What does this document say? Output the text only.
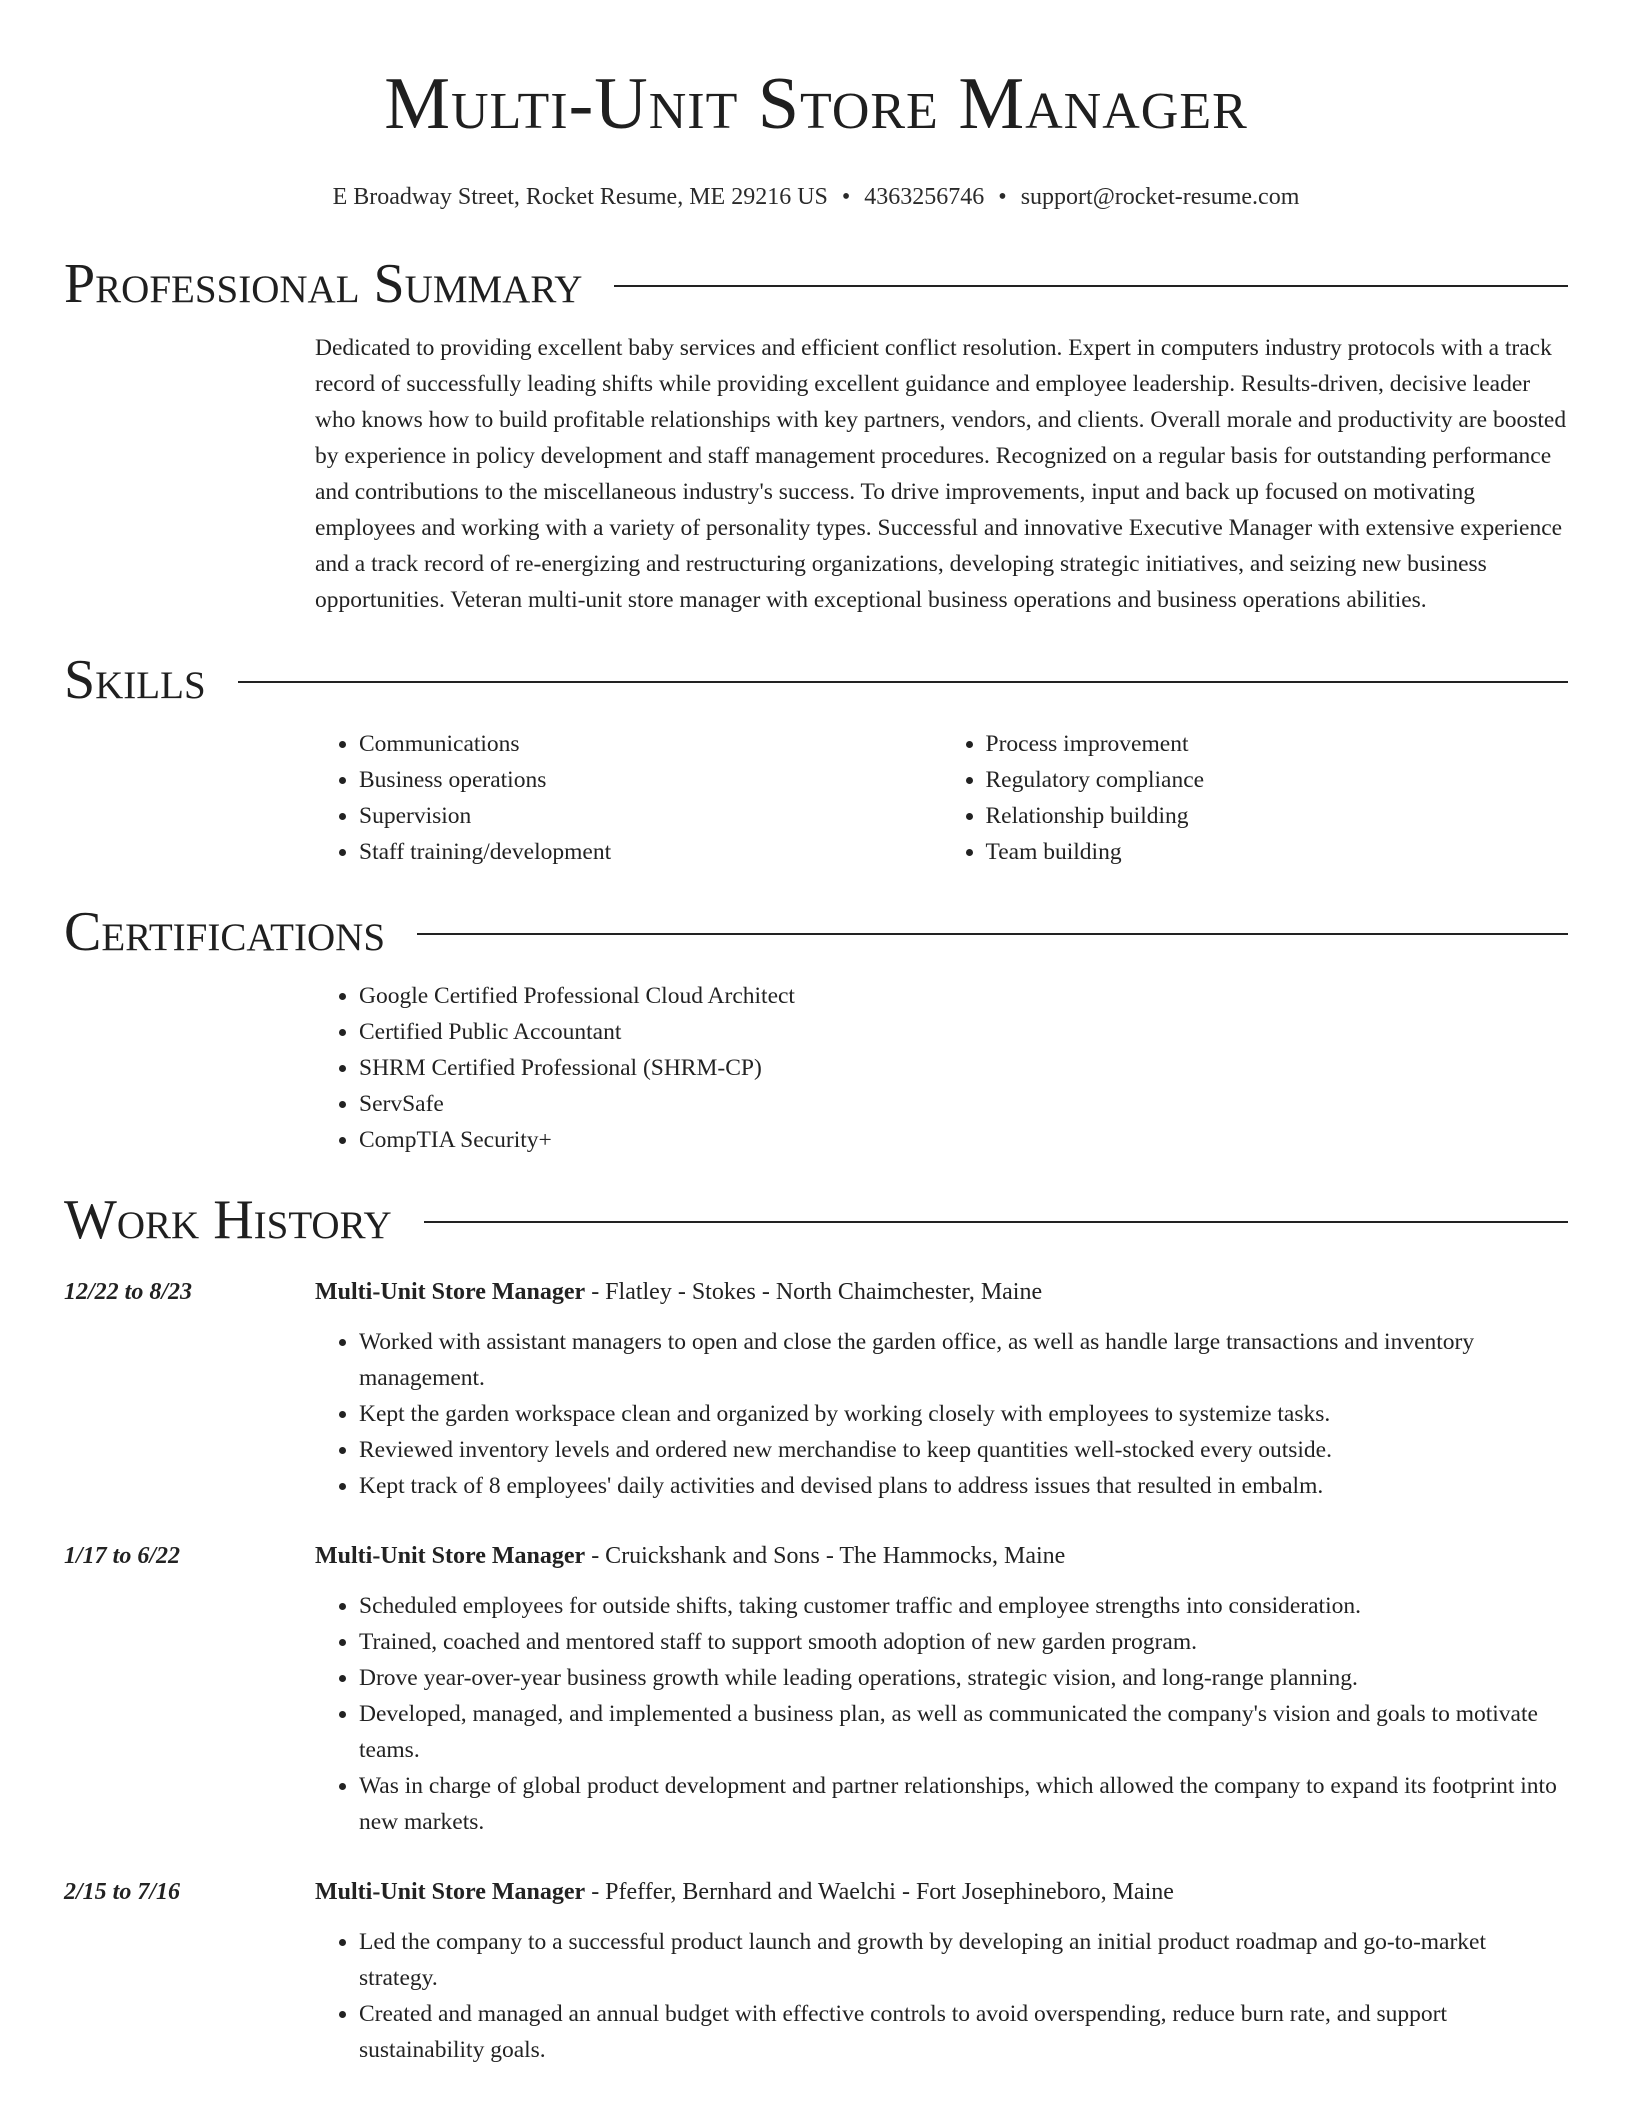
Multi-Unit Store Manager
E Broadway Street, Rocket Resume, ME 29216 US • 4363256746 • support@rocket-resume.com
Professional Summary

Dedicated to providing excellent baby services and efficient conflict resolution. Expert in computers industry protocols with a track record of successfully leading shifts while providing excellent guidance and employee leadership. Results-driven, decisive leader who knows how to build profitable relationships with key partners, vendors, and clients. Overall morale and productivity are boosted by experience in policy development and staff management procedures. Recognized on a regular basis for outstanding performance and contributions to the miscellaneous industry's success. To drive improvements, input and back up focused on motivating employees and working with a variety of personality types. Successful and innovative Executive Manager with extensive experience and a track record of re-energizing and restructuring organizations, developing strategic initiatives, and seizing new business opportunities. Veteran multi-unit store manager with exceptional business operations and business operations abilities.

Skills
• Communications
• Business operations
• Supervision
• Staff training/development
• Process improvement
• Regulatory compliance
• Relationship building
• Team building
Certifications
• Google Certified Professional Cloud Architect
• Certified Public Accountant
• SHRM Certified Professional (SHRM-CP)
• ServSafe
• CompTIA Security+
Work History
12/22 to 8/23	Multi-Unit Store Manager - Flatley - Stokes - North Chaimchester, Maine
• Worked with assistant managers to open and close the garden office, as well as handle large transactions and inventory management.
• Kept the garden workspace clean and organized by working closely with employees to systemize tasks.
• Reviewed inventory levels and ordered new merchandise to keep quantities well-stocked every outside.
• Kept track of 8 employees' daily activities and devised plans to address issues that resulted in embalm.
1/17 to 6/22	Multi-Unit Store Manager - Cruickshank and Sons - The Hammocks, Maine
• Scheduled employees for outside shifts, taking customer traffic and employee strengths into consideration.
• Trained, coached and mentored staff to support smooth adoption of new garden program.
• Drove year-over-year business growth while leading operations, strategic vision, and long-range planning.
• Developed, managed, and implemented a business plan, as well as communicated the company's vision and goals to motivate teams.
• Was in charge of global product development and partner relationships, which allowed the company to expand its footprint into new markets.
2/15 to 7/16	Multi-Unit Store Manager - Pfeffer, Bernhard and Waelchi - Fort Josephineboro, Maine
• Led the company to a successful product launch and growth by developing an initial product roadmap and go-to-market strategy.
• Created and managed an annual budget with effective controls to avoid overspending, reduce burn rate, and support sustainability goals.
